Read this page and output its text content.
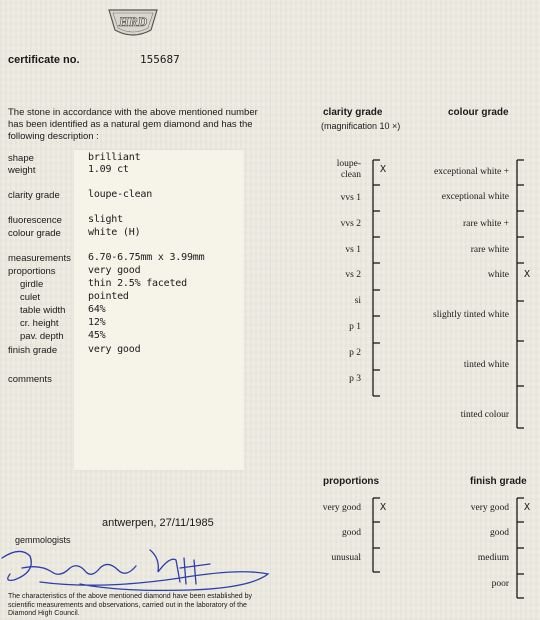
HRD
certificate no.	155687
The stone in accordance with the above mentioned number has been identified as a natural gem diamond and has the following description :
shape	brilliant
weight	1.09 ct
clarity grade	loupe-clean
fluorescence	slight
colour grade	white (H)
measurements 6.70-6.75mm x 3.99mm
proportions	very good
girdle	thin 2.5% faceted
culet	pointed
table width 64%
cr. height	12%
pav. depth 45%
finish grade	very good
comments
antwerpen, 27/11/1985
gemmologists
The characteristics of the above mentioned diamond have been established by scientific measurements and observations, carried out in the laboratory of the Diamond High Council.
clarity grade
(magnification 10 ×)
colour grade
proportions	finish grade
loupe-
clean X
vvs 1
vvs 2
vs 1
vs 2
si
p 1
p 2
p 3
exceptional white +
exceptional white
rare white +
rare white
white X
slightly tinted white
tinted white
tinted colour
very good X
good
unusual
very good X
good
medium
poor
